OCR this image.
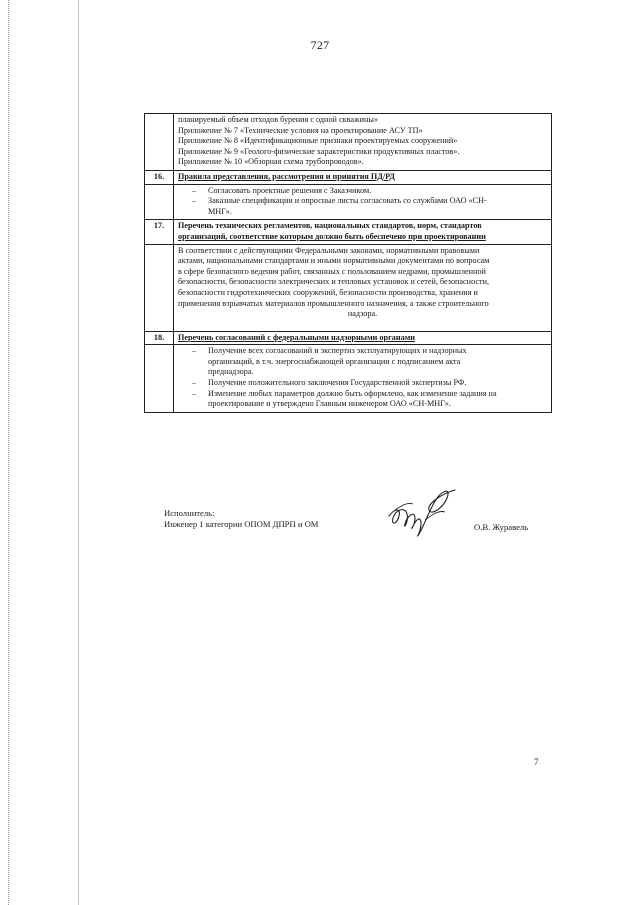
727
планируемый объем отходов бурения с одной скважины»
Приложение № 7 «Технические условия на проектирование АСУ ТП»
Приложение № 8 «Идентификационные признаки проектируемых сооружений»
Приложение № 9 «Геолого-физические характеристики продуктивных пластов».
Приложение № 10 «Обзорная схема трубопроводов».
16.	Правила представления, рассмотрения и принятия ПД/РД
– Согласовать проектные решения с Заказчиком.
– Заказные спецификации и опросные листы согласовать со службами ОАО «СН-
МНГ».
17.	Перечень технических регламентов, национальных стандартов, норм, стандартов
организаций, соответствие которым должно быть обеспечено при проектировании
В соответствии с действующими Федеральными законами, нормативными правовыми
актами, национальными стандартами и иными нормативными документами по вопросам
в сфере безопасного ведения работ, связанных с пользованием недрами, промышленной
безопасности, безопасности электрических и тепловых установок и сетей, безопасности,
безопасности гидротехнических сооружений, безопасности производства, хранения и
применения взрывчатых материалов промышленного назначения, а также строительного
надзора.
18.	Перечень согласований с федеральными надзорными органами
– Получение всех согласований и экспертиз эксплуатирующих и надзорных
организаций, в т.ч. энергоснабжающей организации с подписанием акта
преднадзора.
– Получение положительного заключения Государственной экспертизы РФ.
– Изменение любых параметров должно быть оформлено, как изменение задания на
проектирование и утверждено Главным инженером ОАО «СН-МНГ».
Исполнитель:
Инженер 1 категории ОПОМ ДПРП и ОМ	О.В. Журавель
7
